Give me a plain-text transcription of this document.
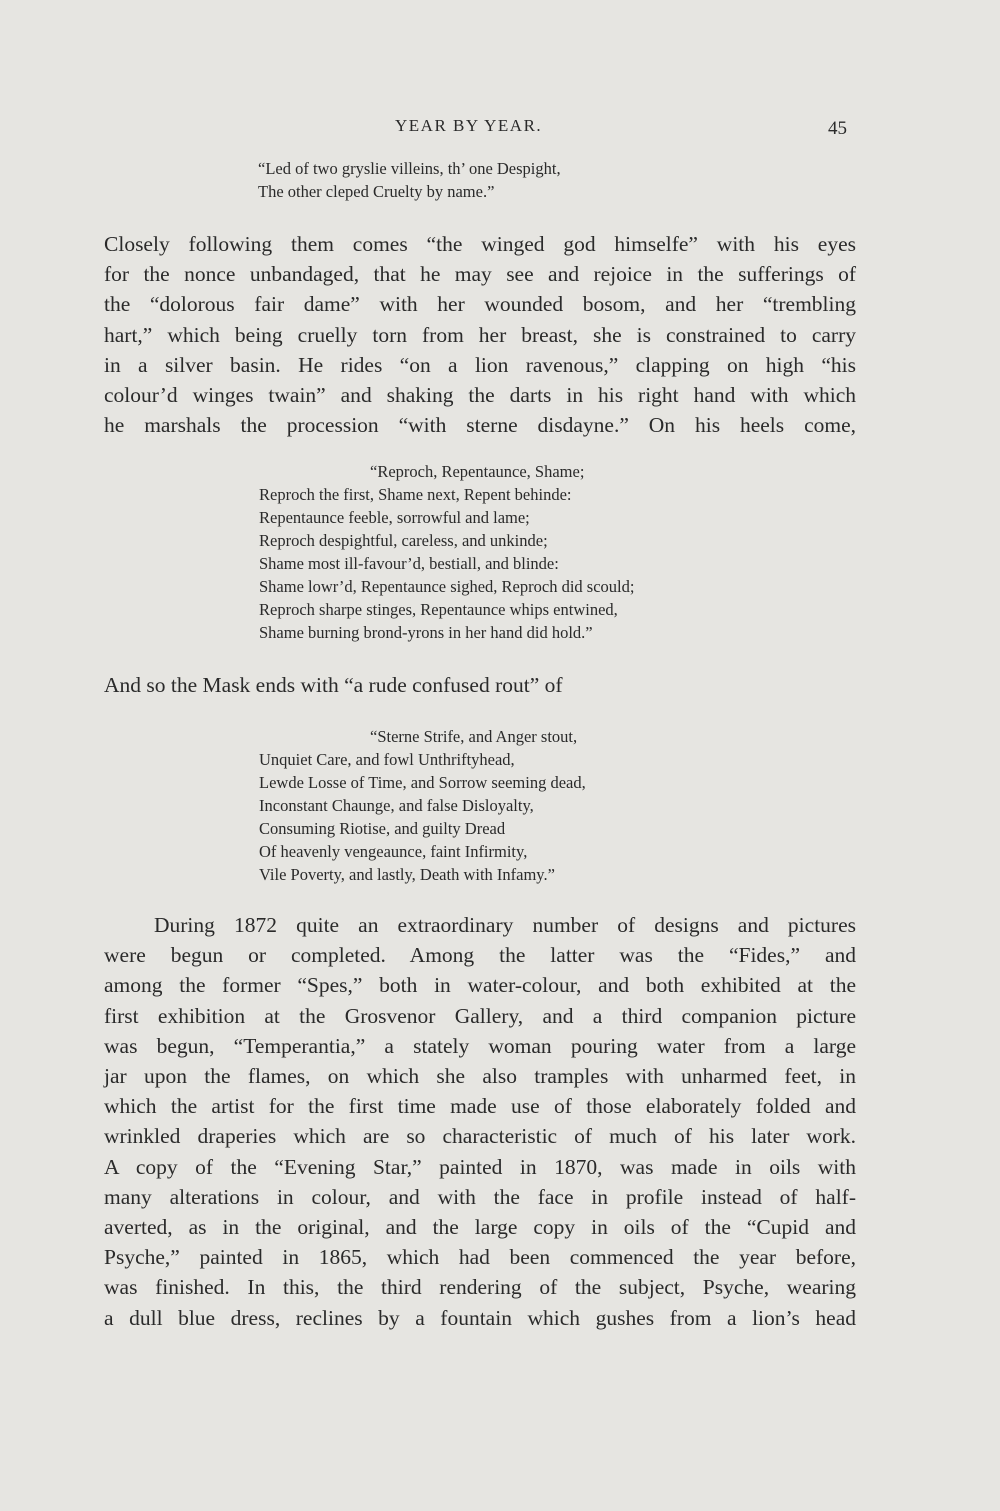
YEAR BY YEAR.	45
“Led of two gryslie villeins, th’ one Despight,
The other cleped Cruelty by name.”
Closely following them comes “the winged god himselfe” with his eyes
for the nonce unbandaged, that he may see and rejoice in the sufferings of
the “dolorous fair dame” with her wounded bosom, and her “trembling
hart,” which being cruelly torn from her breast, she is constrained to carry
in a silver basin. He rides “on a lion ravenous,” clapping on high “his
colour’d winges twain” and shaking the darts in his right hand with which
he marshals the procession “with sterne disdayne.” On his heels come,
“Reproch, Repentaunce, Shame;
Reproch the first, Shame next, Repent behinde:
Repentaunce feeble, sorrowful and lame;
Reproch despightful, careless, and unkinde;
Shame most ill-favour’d, bestiall, and blinde:
Shame lowr’d, Repentaunce sighed, Reproch did scould;
Reproch sharpe stinges, Repentaunce whips entwined,
Shame burning brond-yrons in her hand did hold.”
And so the Mask ends with “a rude confused rout” of
“Sterne Strife, and Anger stout,
Unquiet Care, and fowl Unthriftyhead,
Lewde Losse of Time, and Sorrow seeming dead,
Inconstant Chaunge, and false Disloyalty,
Consuming Riotise, and guilty Dread
Of heavenly vengeaunce, faint Infirmity,
Vile Poverty, and lastly, Death with Infamy.”
During 1872 quite an extraordinary number of designs and pictures
were begun or completed. Among the latter was the “Fides,” and
among the former “Spes,” both in water-colour, and both exhibited at the
first exhibition at the Grosvenor Gallery, and a third companion picture
was begun, “Temperantia,” a stately woman pouring water from a large
jar upon the flames, on which she also tramples with unharmed feet, in
which the artist for the first time made use of those elaborately folded and
wrinkled draperies which are so characteristic of much of his later work.
A copy of the “Evening Star,” painted in 1870, was made in oils with
many alterations in colour, and with the face in profile instead of half-
averted, as in the original, and the large copy in oils of the “Cupid and
Psyche,” painted in 1865, which had been commenced the year before,
was finished. In this, the third rendering of the subject, Psyche, wearing
a dull blue dress, reclines by a fountain which gushes from a lion’s head
